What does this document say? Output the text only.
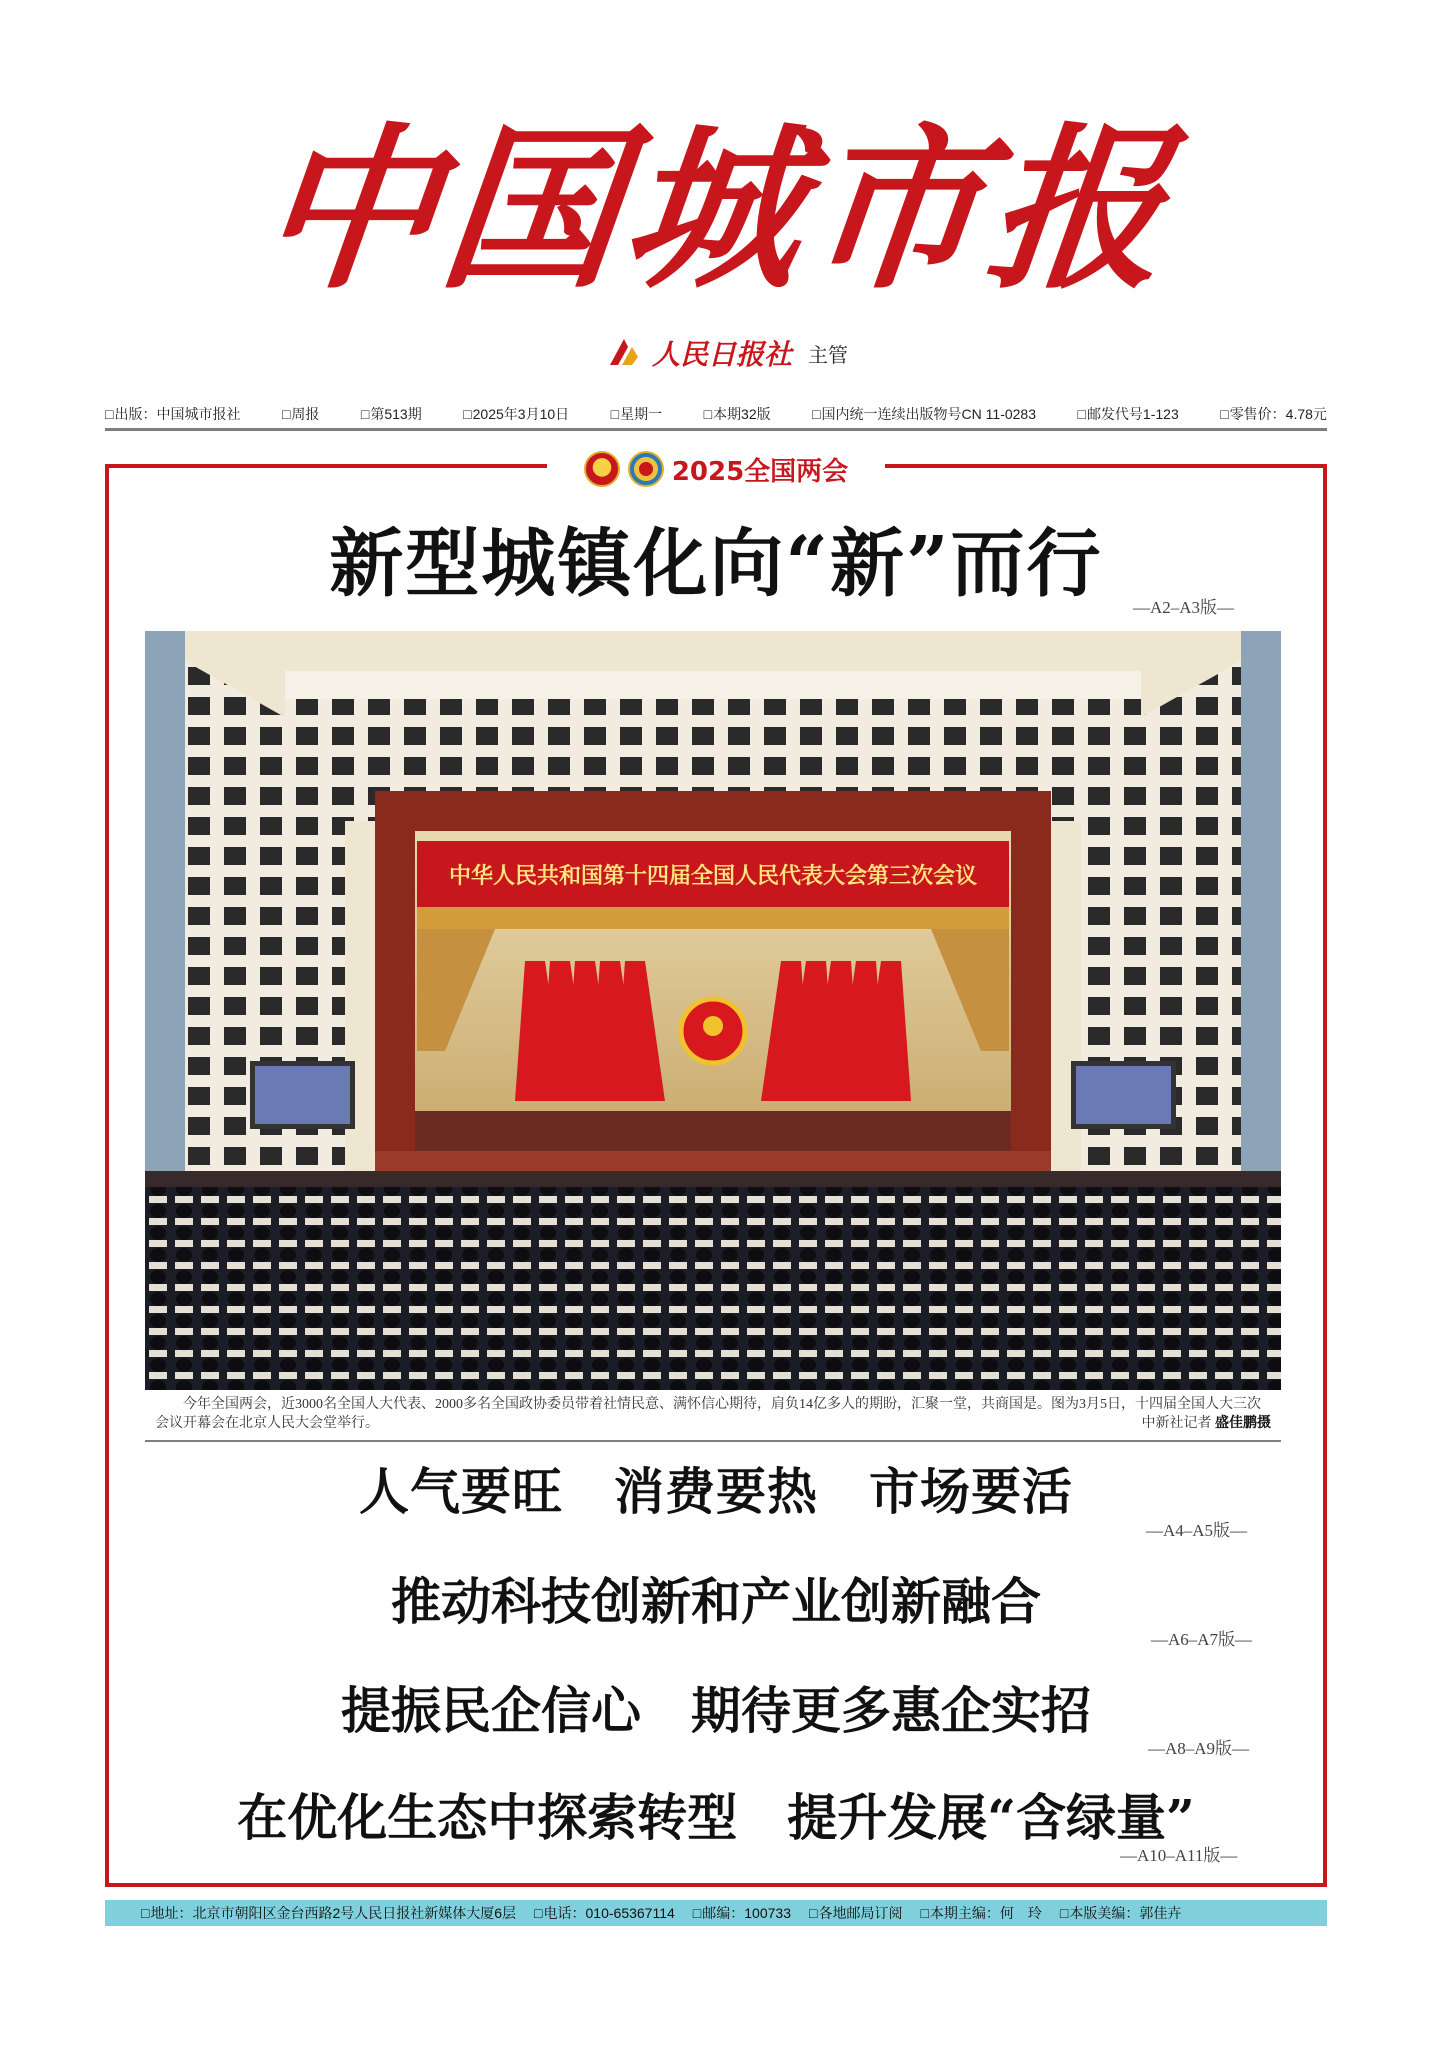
中国城市报
人民日报社 主管
□ 出版：中国城市报社	□ 周报	□ 第513期	□ 2025年3月10日	□ 星期一	□ 本期32版	□ 国内统一连续出版物号CN 11-0283	□ 邮发代号1-123	□ 零售价：4.78元
2025全国两会
新型城镇化向“新”而行
—A2–A3版—
中华人民共和国第十四届全国人民代表大会第三次会议
今年全国两会，近3000名全国人大代表、2000多名全国政协委员带着社情民意、满怀信心期待，肩负14亿多人的期盼，汇聚一堂，共商国是。图为3月5日，十四届全国人大三次会议开幕会在北京人民大会堂举行。	中新社记者 盛佳鹏摄
人气要旺　消费要热　市场要活
—A4–A5版—
推动科技创新和产业创新融合
—A6–A7版—
提振民企信心　期待更多惠企实招
—A8–A9版—
在优化生态中探索转型　提升发展“含绿量”
—A10–A11版—
□ 地址：北京市朝阳区金台西路2号人民日报社新媒体大厦6层	□ 电话：010-65367114	□ 邮编：100733	□ 各地邮局订阅	□ 本期主编：何　玲	□ 本版美编：郭佳卉
